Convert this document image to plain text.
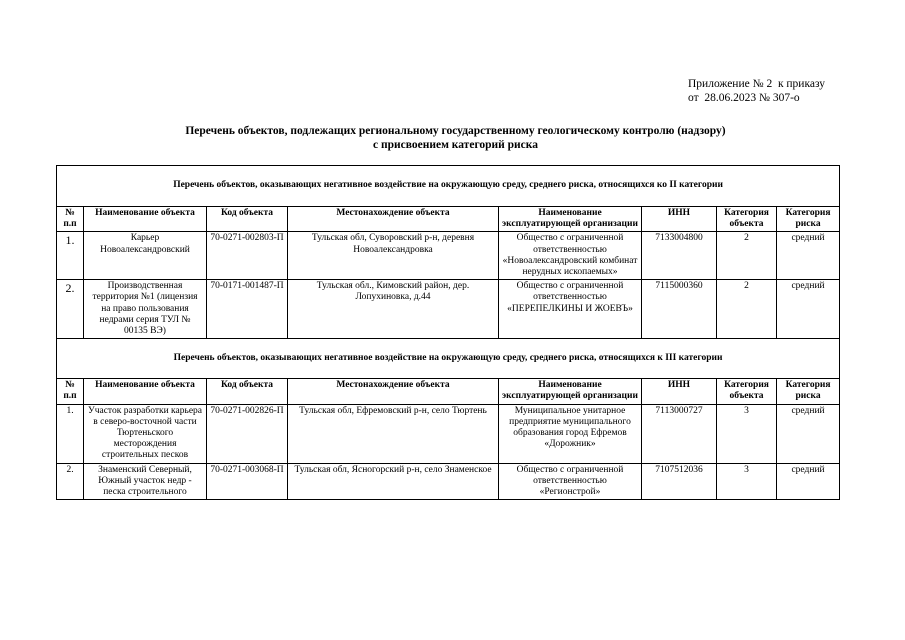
Приложение № 2  к приказу
от  28.06.2023 № 307-о
Перечень объектов, подлежащих региональному государственному геологическому контролю (надзору)
с присвоением категорий риска
Перечень объектов, оказывающих негативное воздействие на окружающую среду, среднего риска, относящихся ко II категории							
№ п.п	Наименование объекта	Код объекта	Местонахождение объекта	Наименование эксплуатирующей организации	ИНН	Категория объекта	Категория риска
1.	Карьер Новоалександровский	70-0271-002803-П	Тульская обл, Суворовский р-н, деревня Новоалександровка	Общество с ограниченной ответственностью «Новоалександровский комбинат нерудных ископаемых»	7133004800	2	средний
2.	Производственная территория №1 (лицензия на право пользования недрами серия ТУЛ № 00135 ВЭ)	70-0171-001487-П	Тульская обл., Кимовский район, дер. Лопухиновка, д.44	Общество с ограниченной ответственностью «ПЕРЕПЕЛКИНЫ И ЖОЕВЪ»	7115000360	2	средний
Перечень объектов, оказывающих негативное воздействие на окружающую среду, среднего риска, относящихся к III категории							
№ п.п	Наименование объекта	Код объекта	Местонахождение объекта	Наименование эксплуатирующей организации	ИНН	Категория объекта	Категория риска
1.	Участок разработки карьера в северо-восточной части Тюртеньского месторождения строительных песков	70-0271-002826-П	Тульская обл, Ефремовский р-н, село Тюртень	Муниципальное унитарное предприятие муниципального образования город Ефремов «Дорожник»	7113000727	3	средний
2.	Знаменский Северный, Южный участок недр - песка строительного	70-0271-003068-П	Тульская обл, Ясногорский р-н, село Знаменское	Общество с ограниченной ответственностью «Регионстрой»	7107512036	3	средний
